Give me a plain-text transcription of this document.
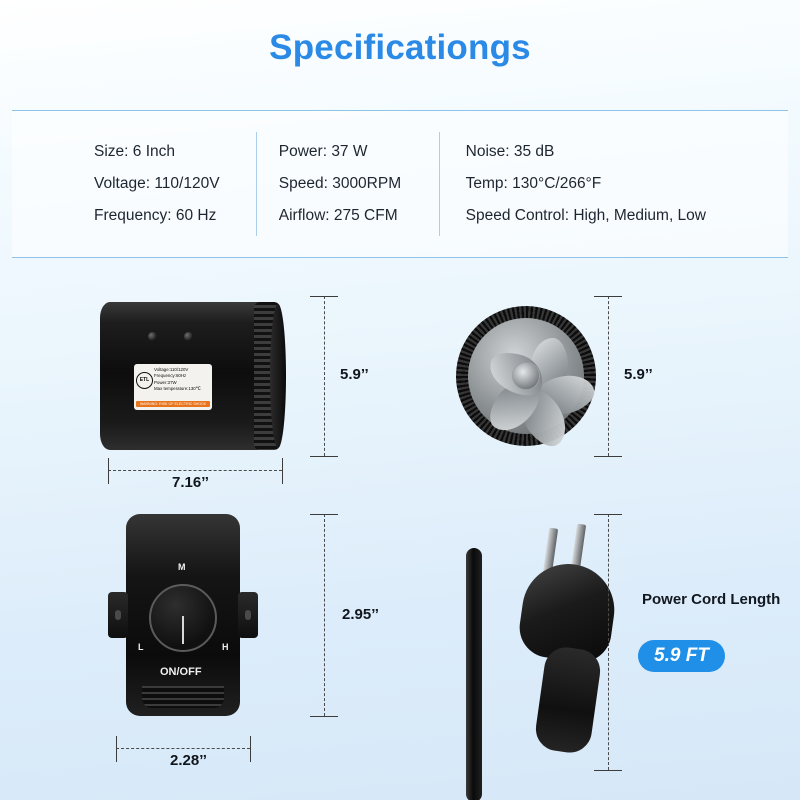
Specificationgs
Size: 6 Inch
Voltage: 110/120V
Frequency: 60 Hz
Power: 37 W
Speed: 3000RPM
Airflow: 275 CFM
Noise: 35 dB
Temp: 130°C/266°F
Speed Control: High, Medium, Low
ETL
Voltage:110/120V
Frequency:60Hz
Power:37W
Max temperature:130℃
WARNING: RISK OF ELECTRIC SHOCK
5.9’’
7.16’’
5.9’’
M
L	H
ON/OFF
2.95’’
2.28’’
Power Cord Length
5.9 FT
